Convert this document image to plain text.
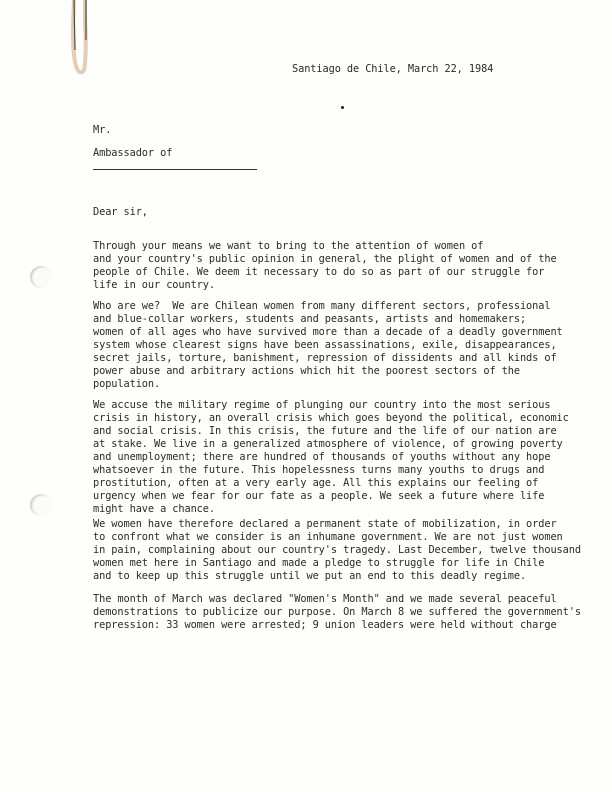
Santiago de Chile, March 22, 1984
Mr.
Ambassador of
Dear sir,
Through your means we want to bring to the attention of women of
and your country's public opinion in general, the plight of women and of the
people of Chile. We deem it necessary to do so as part of our struggle for
life in our country.
Who are we?  We are Chilean women from many different sectors, professional
and blue-collar workers, students and peasants, artists and homemakers;
women of all ages who have survived more than a decade of a deadly government
system whose clearest signs have been assassinations, exile, disappearances,
secret jails, torture, banishment, repression of dissidents and all kinds of
power abuse and arbitrary actions which hit the poorest sectors of the
population.
We accuse the military regime of plunging our country into the most serious
crisis in history, an overall crisis which goes beyond the political, economic
and social crisis. In this crisis, the future and the life of our nation are
at stake. We live in a generalized atmosphere of violence, of growing poverty
and unemployment; there are hundred of thousands of youths without any hope
whatsoever in the future. This hopelessness turns many youths to drugs and
prostitution, often at a very early age. All this explains our feeling of
urgency when we fear for our fate as a people. We seek a future where life
might have a chance.
We women have therefore declared a permanent state of mobilization, in order
to confront what we consider is an inhumane government. We are not just women
in pain, complaining about our country's tragedy. Last December, twelve thousand
women met here in Santiago and made a pledge to struggle for life in Chile
and to keep up this struggle until we put an end to this deadly regime.
The month of March was declared "Women's Month" and we made several peaceful
demonstrations to publicize our purpose. On March 8 we suffered the government's
repression: 33 women were arrested; 9 union leaders were held without charge
